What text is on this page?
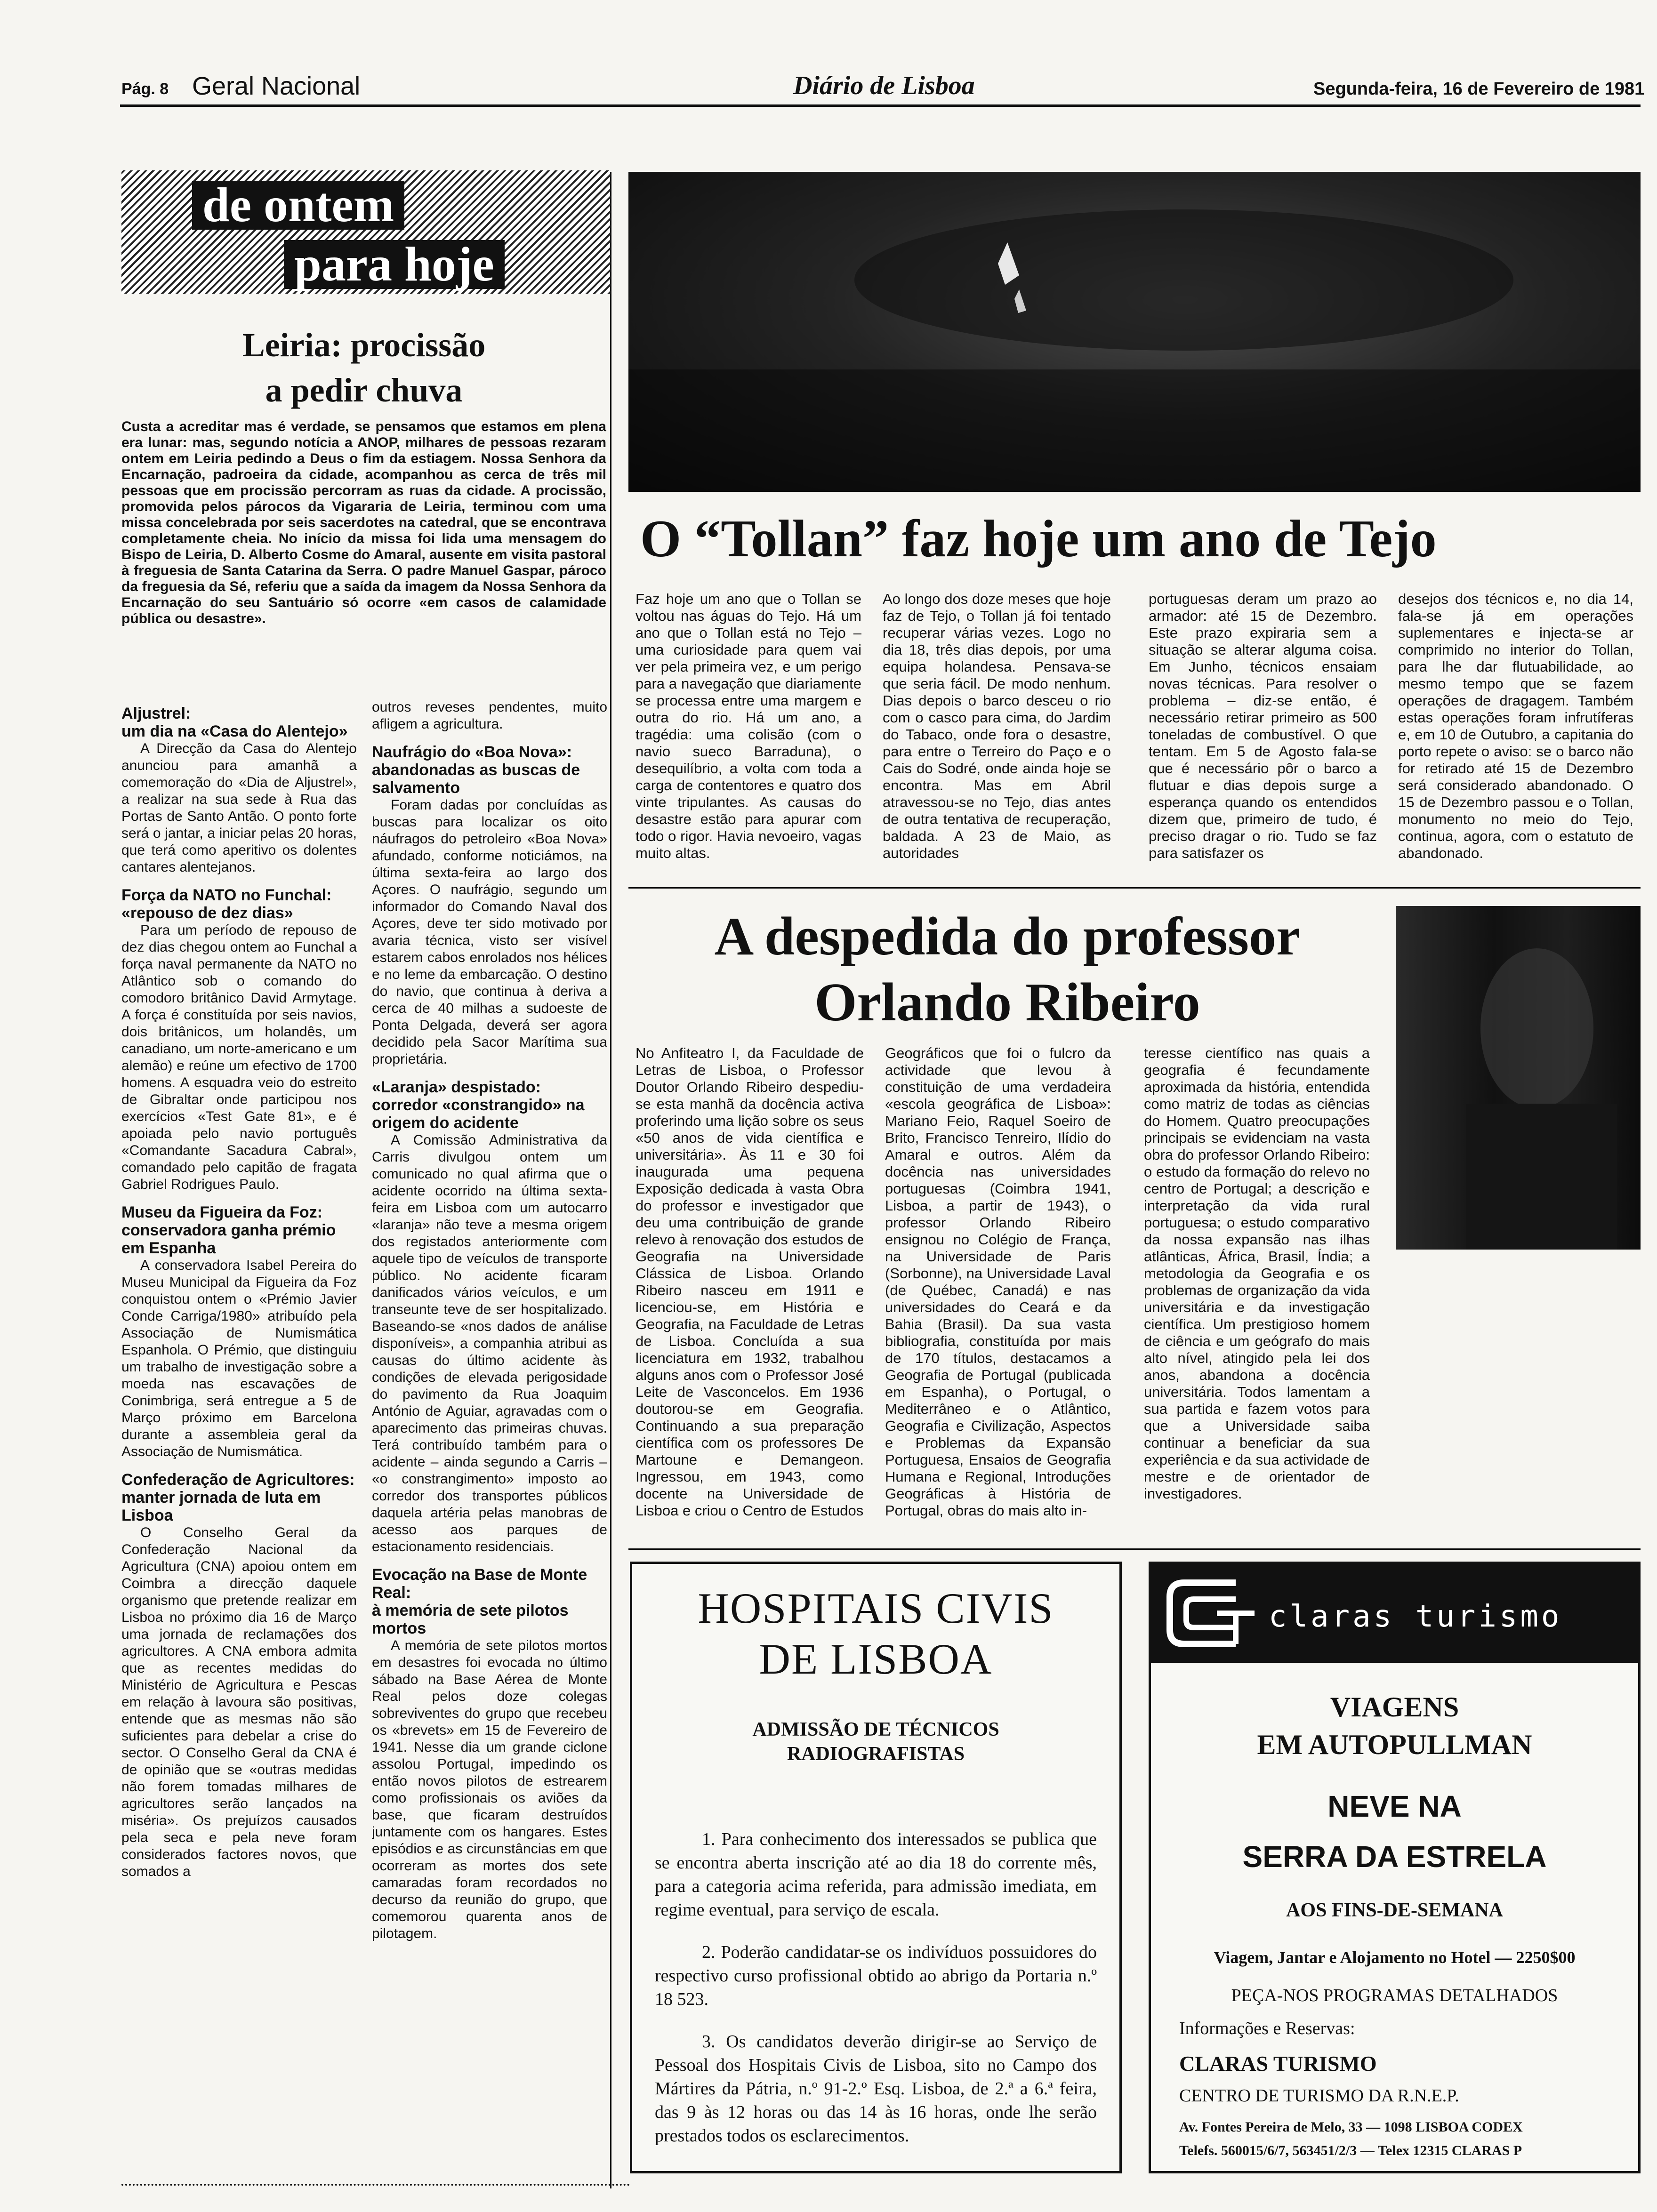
Pág. 8 Geral Nacional	Diário de Lisboa	Segunda-feira, 16 de Fevereiro de 1981
de ontem
para hoje
Leiria: procissão
a pedir chuva
Custa a acreditar mas é verdade, se pensamos que estamos em plena era lunar: mas, segundo notícia a ANOP, milhares de pessoas rezaram ontem em Leiria pedindo a Deus o fim da estiagem. Nossa Senhora da Encarnação, padroeira da cidade, acompanhou as cerca de três mil pessoas que em procissão percorram as ruas da cidade. A procissão, promovida pelos párocos da Vigararia de Leiria, terminou com uma missa concelebrada por seis sacerdotes na catedral, que se encontrava completamente cheia. No início da missa foi lida uma mensagem do Bispo de Leiria, D. Alberto Cosme do Amaral, ausente em visita pastoral à freguesia de Santa Catarina da Serra. O padre Manuel Gaspar, pároco da freguesia da Sé, referiu que a saída da imagem da Nossa Senhora da Encarnação do seu Santuário só ocorre «em casos de calamidade pública ou desastre».
Aljustrel:
um dia na «Casa do Alentejo»

A Direcção da Casa do Alentejo anunciou para amanhã a comemoração do «Dia de Aljustrel», a realizar na sua sede à Rua das Portas de Santo Antão. O ponto forte será o jantar, a iniciar pelas 20 horas, que terá como aperitivo os dolentes cantares alentejanos.

Força da NATO no Funchal:
«repouso de dez dias»

Para um período de repouso de dez dias chegou ontem ao Funchal a força naval permanente da NATO no Atlântico sob o comando do comodoro britânico David Armytage. A força é constituída por seis navios, dois britânicos, um holandês, um canadiano, um norte-americano e um alemão) e reúne um efectivo de 1700 homens. A esquadra veio do estreito de Gibraltar onde participou nos exercícios «Test Gate 81», e é apoiada pelo navio português «Comandante Sacadura Cabral», comandado pelo capitão de fragata Gabriel Rodrigues Paulo.

Museu da Figueira da Foz:
conservadora ganha prémio em Espanha

A conservadora Isabel Pereira do Museu Municipal da Figueira da Foz conquistou ontem o «Prémio Javier Conde Carriga/1980» atribuído pela Associação de Numismática Espanhola. O Prémio, que distinguiu um trabalho de investigação sobre a moeda nas escavações de Conimbriga, será entregue a 5 de Março próximo em Barcelona durante a assembleia geral da Associação de Numismática.

Confederação de Agricultores:
manter jornada de luta em Lisboa

O Conselho Geral da Confederação Nacional da Agricultura (CNA) apoiou ontem em Coimbra a direcção daquele organismo que pretende realizar em Lisboa no próximo dia 16 de Março uma jornada de reclamações dos agricultores. A CNA embora admita que as recentes medidas do Ministério de Agricultura e Pescas em relação à lavoura são positivas, entende que as mesmas não são suficientes para debelar a crise do sector. O Conselho Geral da CNA é de opinião que se «outras medidas não forem tomadas milhares de agricultores serão lançados na miséria». Os prejuízos causados pela seca e pela neve foram considerados factores novos, que somados a

outros reveses pendentes, muito afligem a agricultura.

Naufrágio do «Boa Nova»:
abandonadas as buscas de salvamento

Foram dadas por concluídas as buscas para localizar os oito náufragos do petroleiro «Boa Nova» afundado, conforme noticiámos, na última sexta-feira ao largo dos Açores. O naufrágio, segundo um informador do Comando Naval dos Açores, deve ter sido motivado por avaria técnica, visto ser visível estarem cabos enrolados nos hélices e no leme da embarcação. O destino do navio, que continua à deriva a cerca de 40 milhas a sudoeste de Ponta Delgada, deverá ser agora decidido pela Sacor Marítima sua proprietária.

«Laranja» despistado:
corredor «constrangido» na origem do acidente

A Comissão Administrativa da Carris divulgou ontem um comunicado no qual afirma que o acidente ocorrido na última sexta-feira em Lisboa com um autocarro «laranja» não teve a mesma origem dos registados anteriormente com aquele tipo de veículos de transporte público. No acidente ficaram danificados vários veículos, e um transeunte teve de ser hospitalizado. Baseando-se «nos dados de análise disponíveis», a companhia atribui as causas do último acidente às condições de elevada perigosidade do pavimento da Rua Joaquim António de Aguiar, agravadas com o aparecimento das primeiras chuvas. Terá contribuído também para o acidente – ainda segundo a Carris – «o constrangimento» imposto ao corredor dos transportes públicos daquela artéria pelas manobras de acesso aos parques de estacionamento residenciais.

Evocação na Base de Monte Real:
à memória de sete pilotos mortos

A memória de sete pilotos mortos em desastres foi evocada no último sábado na Base Aérea de Monte Real pelos doze colegas sobreviventes do grupo que recebeu os «brevets» em 15 de Fevereiro de 1941. Nesse dia um grande ciclone assolou Portugal, impedindo os então novos pilotos de estrearem como profissionais os aviões da base, que ficaram destruídos juntamente com os hangares. Estes episódios e as circunstâncias em que ocorreram as mortes dos sete camaradas foram recordados no decurso da reunião do grupo, que comemorou quarenta anos de pilotagem.

O “Tollan” faz hoje um ano de Tejo
Faz hoje um ano que o Tollan se voltou nas águas do Tejo. Há um ano que o Tollan está no Tejo – uma curiosidade para quem vai ver pela primeira vez, e um perigo para a navegação que diariamente se processa entre uma margem e outra do rio. Há um ano, a tragédia: uma colisão (com o navio sueco Barraduna), o desequilíbrio, a volta com toda a carga de contentores e quatro dos vinte tripulantes. As causas do desastre estão para apurar com todo o rigor. Havia nevoeiro, vagas muito altas.
Ao longo dos doze meses que hoje faz de Tejo, o Tollan já foi tentado recuperar várias vezes. Logo no dia 18, três dias depois, por uma equipa holandesa. Pensava-se que seria fácil. De modo nenhum. Dias depois o barco desceu o rio com o casco para cima, do Jardim do Tabaco, onde fora o desastre, para entre o Terreiro do Paço e o Cais do Sodré, onde ainda hoje se encontra. Mas em Abril atravessou-se no Tejo, dias antes de outra tentativa de recuperação, baldada. A 23 de Maio, as autoridades
portuguesas deram um prazo ao armador: até 15 de Dezembro. Este prazo expiraria sem a situação se alterar alguma coisa. Em Junho, técnicos ensaiam novas técnicas. Para resolver o problema – diz-se então, é necessário retirar primeiro as 500 toneladas de combustível. O que tentam. Em 5 de Agosto fala-se que é necessário pôr o barco a flutuar e dias depois surge a esperança quando os entendidos dizem que, primeiro de tudo, é preciso dragar o rio. Tudo se faz para satisfazer os
desejos dos técnicos e, no dia 14, fala-se já em operações suplementares e injecta-se ar comprimido no interior do Tollan, para lhe dar flutuabilidade, ao mesmo tempo que se fazem operações de dragagem. Também estas operações foram infrutíferas e, em 10 de Outubro, a capitania do porto repete o aviso: se o barco não for retirado até 15 de Dezembro será considerado abandonado. O 15 de Dezembro passou e o Tollan, monumento no meio do Tejo, continua, agora, com o estatuto de abandonado.
A despedida do professor
Orlando Ribeiro
No Anfiteatro I, da Faculdade de Letras de Lisboa, o Professor Doutor Orlando Ribeiro despediu-se esta manhã da docência activa proferindo uma lição sobre os seus «50 anos de vida científica e universitária». Às 11 e 30 foi inaugurada uma pequena Exposição dedicada à vasta Obra do professor e investigador que deu uma contribuição de grande relevo à renovação dos estudos de Geografia na Universidade Clássica de Lisboa. Orlando Ribeiro nasceu em 1911 e licenciou-se, em História e Geografia, na Faculdade de Letras de Lisboa. Concluída a sua licenciatura em 1932, trabalhou alguns anos com o Professor José Leite de Vasconcelos. Em 1936 doutorou-se em Geografia. Continuando a sua preparação científica com os professores De Martoune e Demangeon. Ingressou, em 1943, como docente na Universidade de Lisboa e criou o Centro de Estudos
Geográficos que foi o fulcro da actividade que levou à constituição de uma verdadeira «escola geográfica de Lisboa»: Mariano Feio, Raquel Soeiro de Brito, Francisco Tenreiro, Ilídio do Amaral e outros. Além da docência nas universidades portuguesas (Coimbra 1941, Lisboa, a partir de 1943), o professor Orlando Ribeiro ensignou no Colégio de França, na Universidade de Paris (Sorbonne), na Universidade Laval (de Québec, Canadá) e nas universidades do Ceará e da Bahia (Brasil). Da sua vasta bibliografia, constituída por mais de 170 títulos, destacamos a Geografia de Portugal (publicada em Espanha), o Portugal, o Mediterrâneo e o Atlântico, Geografia e Civilização, Aspectos e Problemas da Expansão Portuguesa, Ensaios de Geografia Humana e Regional, Introduções Geográficas à História de Portugal, obras do mais alto in-
teresse científico nas quais a geografia é fecundamente aproximada da história, entendida como matriz de todas as ciências do Homem. Quatro preocupações principais se evidenciam na vasta obra do professor Orlando Ribeiro: o estudo da formação do relevo no centro de Portugal; a descrição e interpretação da vida rural portuguesa; o estudo comparativo da nossa expansão nas ilhas atlânticas, África, Brasil, Índia; a metodologia da Geografia e os problemas de organização da vida universitária e da investigação científica. Um prestigioso homem de ciência e um geógrafo do mais alto nível, atingido pela lei dos anos, abandona a docência universitária. Todos lamentam a sua partida e fazem votos para que a Universidade saiba continuar a beneficiar da sua experiência e da sua actividade de mestre e de orientador de investigadores.
HOSPITAIS CIVIS
DE LISBOA
ADMISSÃO DE TÉCNICOS
RADIOGRAFISTAS

1. Para conhecimento dos interessados se publica que se encontra aberta inscrição até ao dia 18 do corrente mês, para a categoria acima referida, para admissão imediata, em regime eventual, para serviço de escala.

2. Poderão candidatar-se os indivíduos possuidores do respectivo curso profissional obtido ao abrigo da Portaria n.º 18 523.

3. Os candidatos deverão dirigir-se ao Serviço de Pessoal dos Hospitais Civis de Lisboa, sito no Campo dos Mártires da Pátria, n.º 91-2.º Esq. Lisboa, de 2.ª a 6.ª feira, das 9 às 12 horas ou das 14 às 16 horas, onde lhe serão prestados todos os esclarecimentos.

claras turismo
VIAGENS
EM AUTOPULLMAN
NEVE NA
SERRA DA ESTRELA
AOS FINS-DE-SEMANA
Viagem, Jantar e Alojamento no Hotel — 2250$00
PEÇA-NOS PROGRAMAS DETALHADOS
Informações e Reservas:
CLARAS TURISMO
CENTRO DE TURISMO DA R.N.E.P.
Av. Fontes Pereira de Melo, 33 — 1098 LISBOA CODEX
Telefs. 560015/6/7, 563451/2/3 — Telex 12315 CLARAS P
